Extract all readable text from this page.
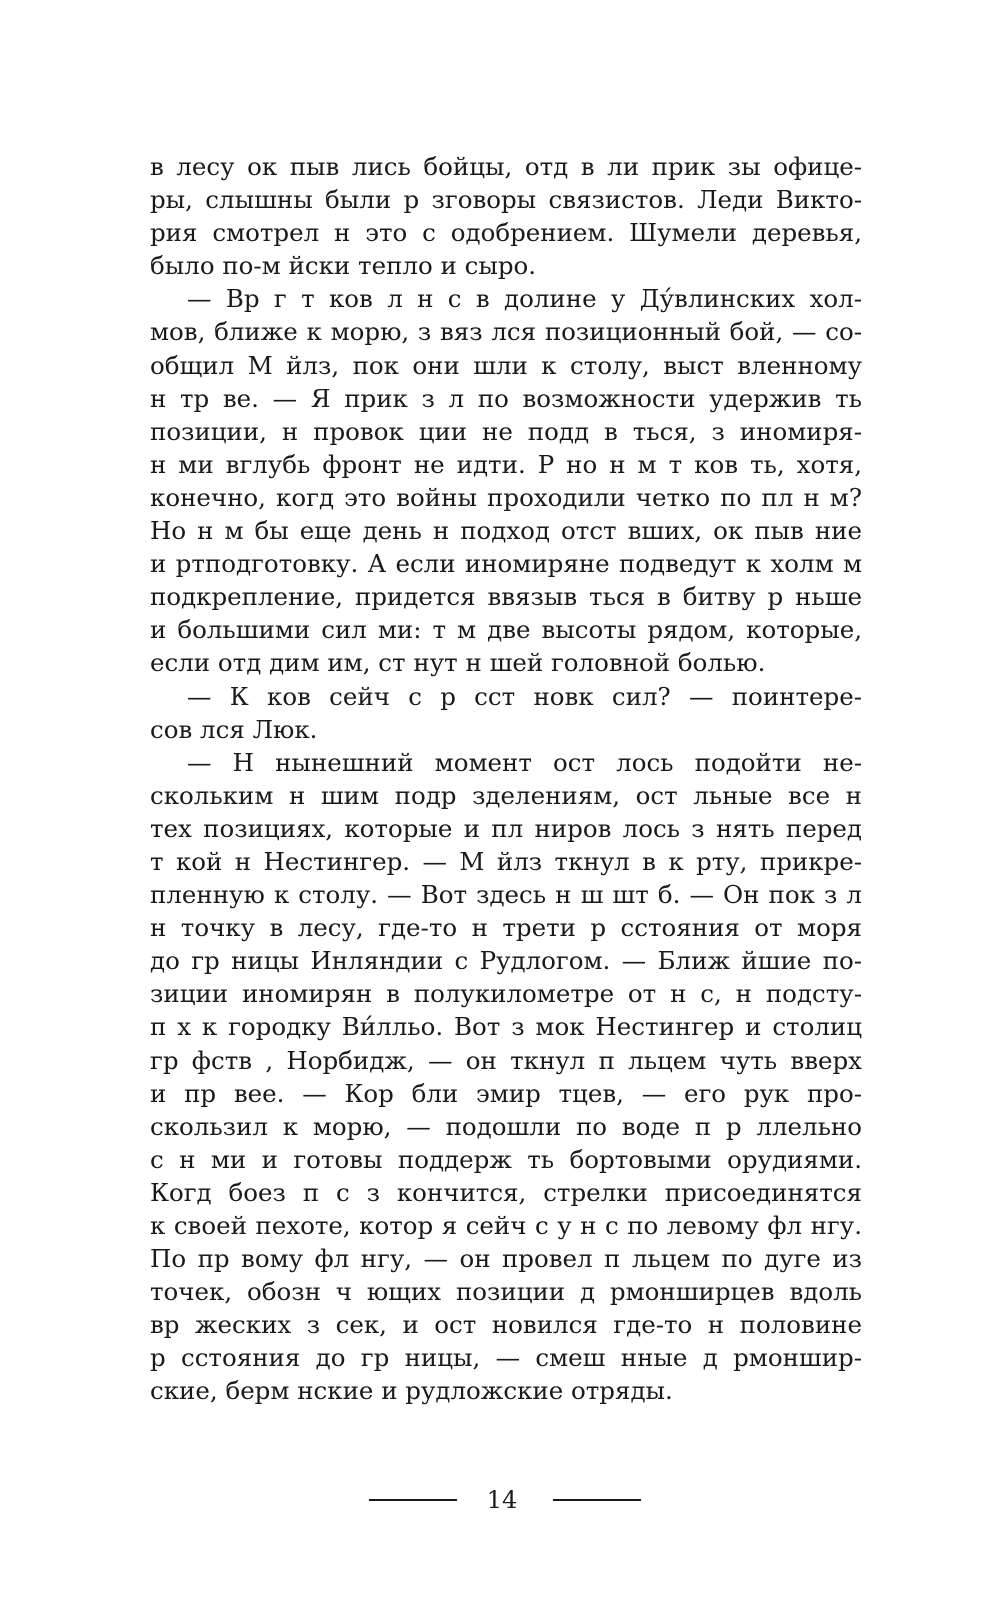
в лесу ок пыв лись бойцы, отд в ли прик зы офице-
ры, слышны были р зговоры связистов. Леди Викто-
рия смотрел н это с одобрением. Шумели деревья,
было по-м йски тепло и сыро.
— Вр г т ков л н с в долине у Ду́влинских хол-
мов, ближе к морю, з вяз лся позиционный бой, — со-
общил М йлз, пок они шли к столу, выст вленному
н тр ве. — Я прик з л по возможности удержив ть
позиции, н провок ции не подд в ться, з иномиря-
н ми вглубь фронт не идти. Р но н м т ков ть, хотя,
конечно, когд это войны проходили четко по пл н м?
Но н м бы еще день н подход отст вших, ок пыв ние
и ртподготовку. А если иномиряне подведут к холм м
подкрепление, придется ввязыв ться в битву р ньше
и большими сил ми: т м две высоты рядом, которые,
если отд дим им, ст нут н шей головной болью.
— К ков сейч с р сст новк сил? — поинтере-
сов лся Люк.
— Н нынешний момент ост лось подойти не-
скольким н шим подр зделениям, ост льные все н
тех позициях, которые и пл ниров лось з нять перед
т кой н Нестингер. — М йлз ткнул в к рту, прикре-
пленную к столу. — Вот здесь н ш шт б. — Он пок з л
н точку в лесу, где-то н трети р сстояния от моря
до гр ницы Инляндии с Рудлогом. — Ближ йшие по-
зиции иномирян в полукилометре от н с, н подсту-
п х к городку Ви́лльо. Вот з мок Нестингер и столиц
гр фств , Норбидж, — он ткнул п льцем чуть вверх
и пр вее. — Кор бли эмир тцев, — его рук про-
скользил к морю, — подошли по воде п р ллельно
с н ми и готовы поддерж ть бортовыми орудиями.
Когд боез п с з кончится, стрелки присоединятся
к своей пехоте, котор я сейч с у н с по левому фл нгу.
По пр вому фл нгу, — он провел п льцем по дуге из
точек, обозн ч ющих позиции д рмонширцев вдоль
вр жеских з сек, и ост новился где-то н половине
р сстояния до гр ницы, — смеш нные д рмоншир-
ские, берм нские и рудложские отряды.
14
